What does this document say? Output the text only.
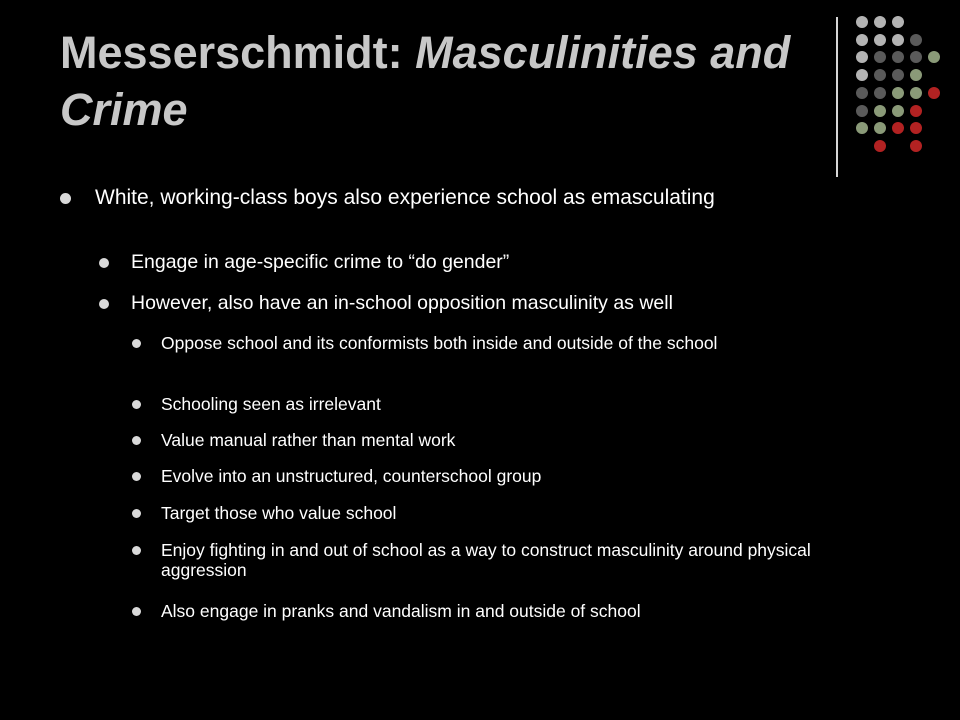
Messerschmidt: Masculinities and Crime
White, working-class boys also experience school as emasculating
Engage in age-specific crime to “do gender”
However, also have an in-school opposition masculinity as well
Oppose school and its conformists both inside and outside of the school
Schooling seen as irrelevant
Value manual rather than mental work
Evolve into an unstructured, counterschool group
Target those who value school
Enjoy fighting in and out of school as a way to construct masculinity around physical aggression
Also engage in pranks and vandalism in and outside of school
